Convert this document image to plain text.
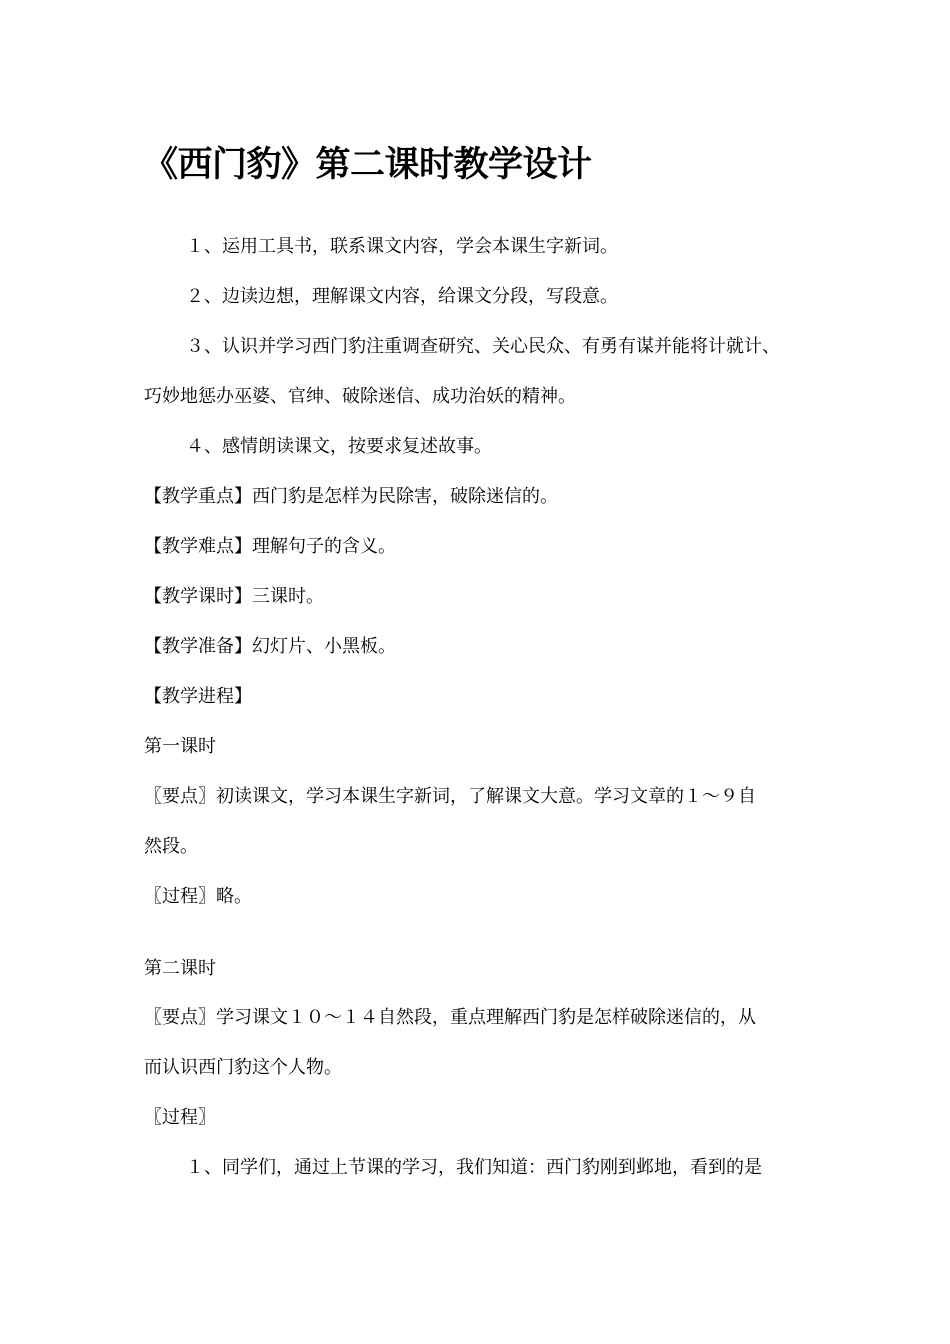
《西门豹》第二课时教学设计
１、运用工具书，联系课文内容，学会本课生字新词。
２、边读边想，理解课文内容，给课文分段，写段意。
３、认识并学习西门豹注重调查研究、关心民众、有勇有谋并能将计就计、
巧妙地惩办巫婆、官绅、破除迷信、成功治妖的精神。
４、感情朗读课文，按要求复述故事。
【教学重点】西门豹是怎样为民除害，破除迷信的。
【教学难点】理解句子的含义。
【教学课时】三课时。
【教学准备】幻灯片、小黑板。
【教学进程】
第一课时
〖要点〗初读课文，学习本课生字新词，了解课文大意。学习文章的１～９自
然段。
〖过程〗略。
第二课时
〖要点〗学习课文１０～１４自然段，重点理解西门豹是怎样破除迷信的，从
而认识西门豹这个人物。
〖过程〗
１、同学们，通过上节课的学习，我们知道：西门豹刚到邺地，看到的是
